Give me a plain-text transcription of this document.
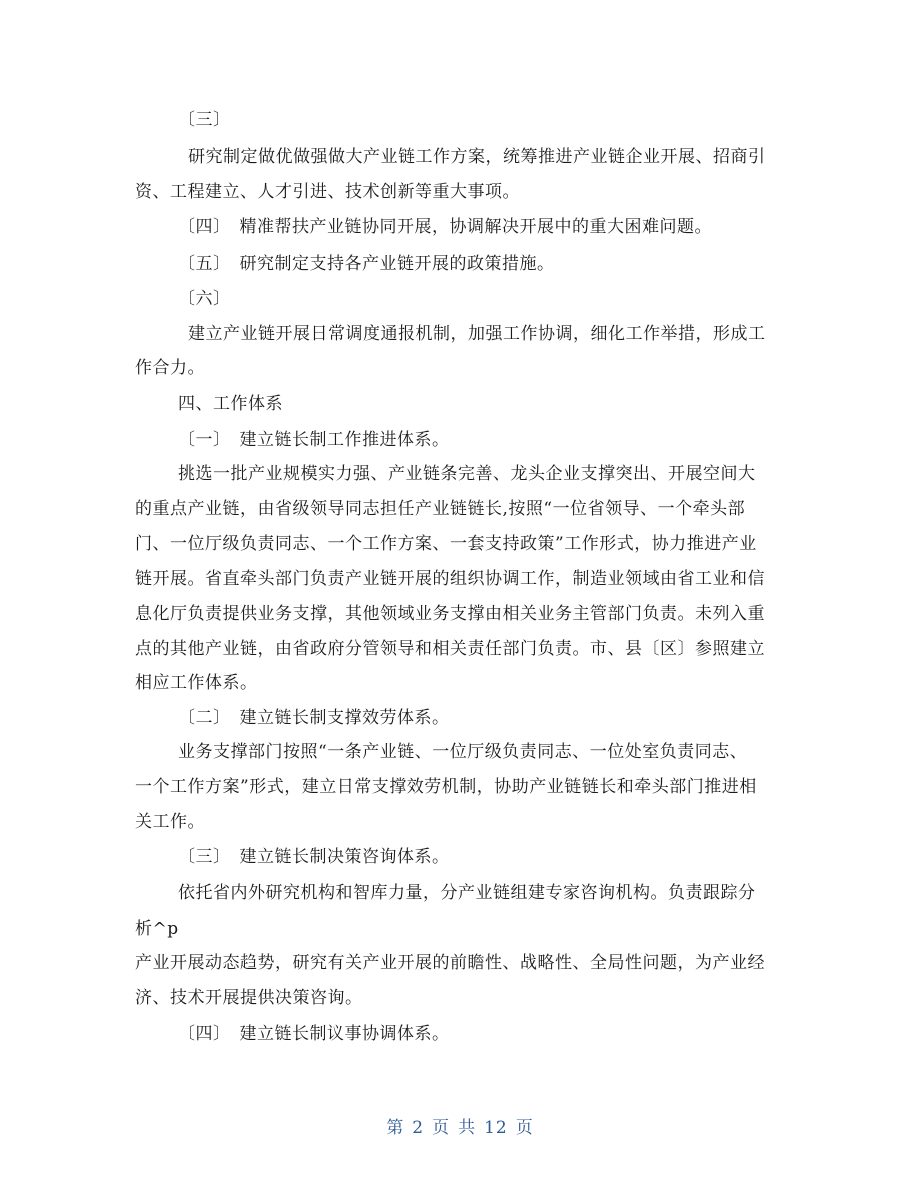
〔三〕
研究制定做优做强做大产业链工作方案，统筹推进产业链企业开展、招商引
资、工程建立、人才引进、技术创新等重大事项。
〔四〕　精准帮扶产业链协同开展，协调解决开展中的重大困难问题。
〔五〕　研究制定支持各产业链开展的政策措施。
〔六〕
建立产业链开展日常调度通报机制，加强工作协调，细化工作举措，形成工
作合力。
四、工作体系
〔一〕　建立链长制工作推进体系。
挑选一批产业规模实力强、产业链条完善、龙头企业支撑突出、开展空间大
的重点产业链，由省级领导同志担任产业链链长,按照“一位省领导、一个牵头部
门、一位厅级负责同志、一个工作方案、一套支持政策”工作形式，协力推进产业
链开展。省直牵头部门负责产业链开展的组织协调工作，制造业领域由省工业和信
息化厅负责提供业务支撑，其他领域业务支撑由相关业务主管部门负责。未列入重
点的其他产业链，由省政府分管领导和相关责任部门负责。市、县〔区〕参照建立
相应工作体系。
〔二〕　建立链长制支撑效劳体系。
业务支撑部门按照“一条产业链、一位厅级负责同志、一位处室负责同志、
一个工作方案”形式，建立日常支撑效劳机制，协助产业链链长和牵头部门推进相
关工作。
〔三〕　建立链长制决策咨询体系。
依托省内外研究机构和智库力量，分产业链组建专家咨询机构。负责跟踪分
析^p
产业开展动态趋势，研究有关产业开展的前瞻性、战略性、全局性问题，为产业经
济、技术开展提供决策咨询。
〔四〕　建立链长制议事协调体系。
第 2 页 共 12 页
